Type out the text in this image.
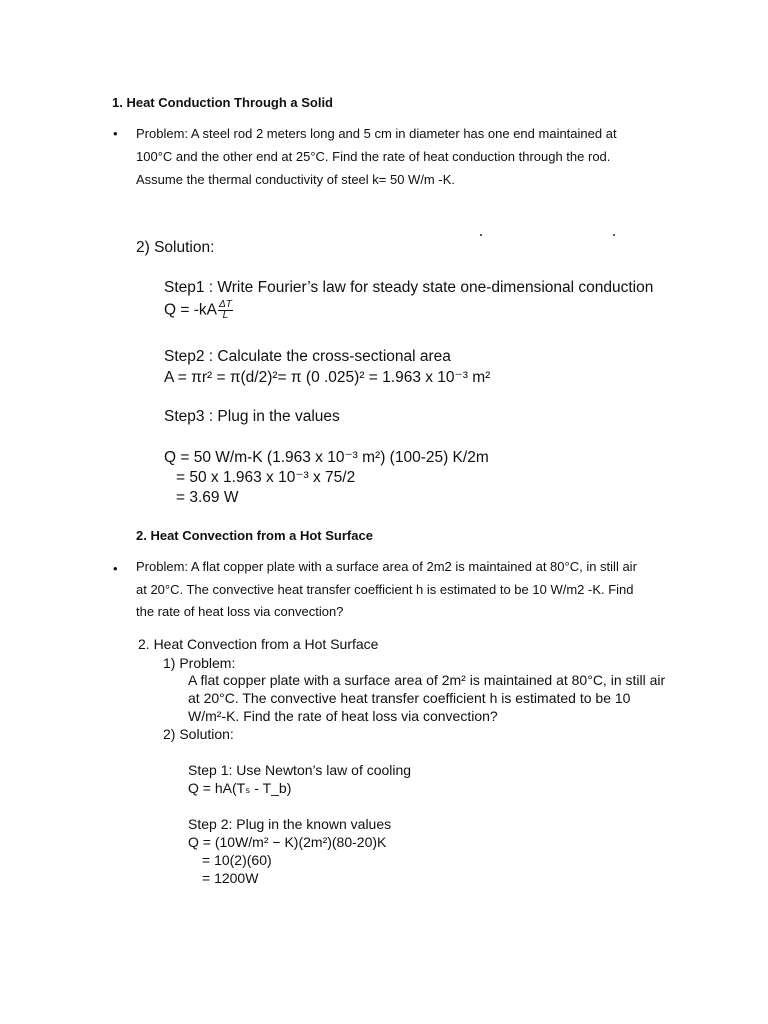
1. Heat Conduction Through a Solid
• Problem: A steel rod 2 meters long and 5 cm in diameter has one end maintained at
100°C and the other end at 25°C. Find the rate of heat conduction through the rod.
Assume the thermal conductivity of steel k= 50 W/m -K.
2) Solution:
Step1 : Write Fourier’s law for steady state one-dimensional conduction
$Q = -kA \frac{\Delta T}{L}$
Step2 : Calculate the cross-sectional area
A = πr² = π(d/2)²= π (0 .025)² = 1.963 x 10⁻³ m²
Step3 : Plug in the values
Q = 50 W/m-K (1.963 x 10⁻³ m²) (100-25) K/2m
= 50 x 1.963 x 10⁻³ x 75/2
= 3.69 W
2. Heat Convection from a Hot Surface
• Problem: A flat copper plate with a surface area of 2m2 is maintained at 80°C, in still air
at 20°C. The convective heat transfer coefficient h is estimated to be 10 W/m2 -K. Find
the rate of heat loss via convection?
2. Heat Convection from a Hot Surface
1) Problem:
A flat copper plate with a surface area of 2m² is maintained at 80°C, in still air
at 20°C. The convective heat transfer coefficient h is estimated to be 10
W/m²-K. Find the rate of heat loss via convection?
2) Solution:
Step 1: Use Newton’s law of cooling
Q = hA(Tₛ - T_b)
Step 2: Plug in the known values
Q = (10W/m² − K)(2m²)(80-20)K
= 10(2)(60)
= 1200W
